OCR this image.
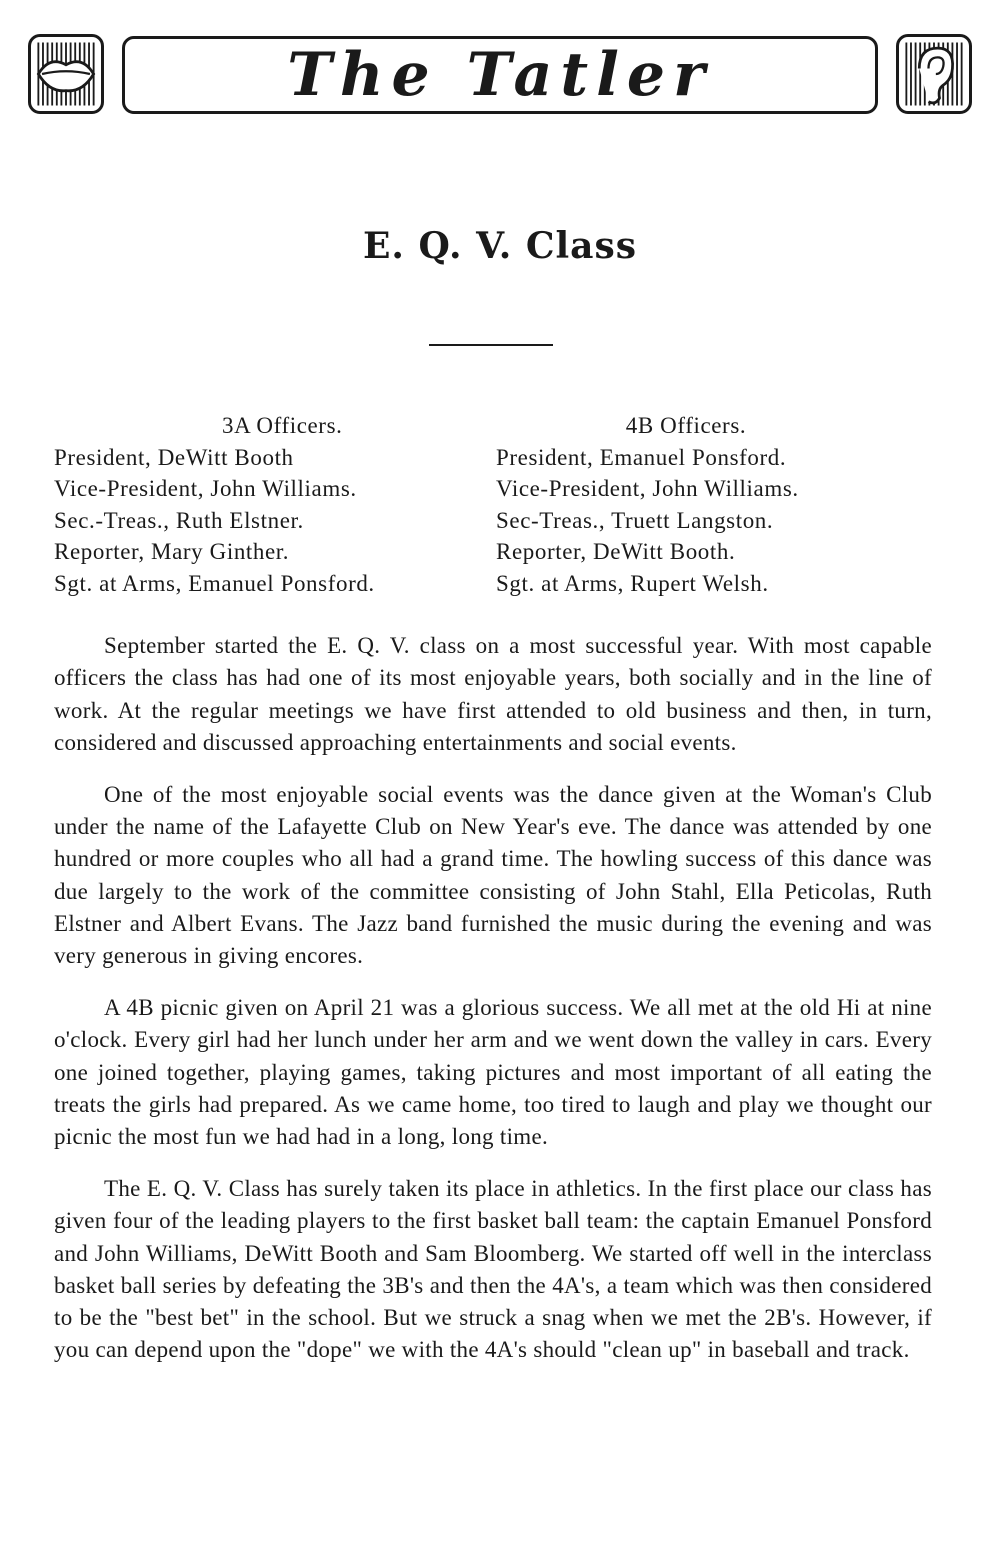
The Tatler
E. Q. V. Class
3A Officers.
President, DeWitt Booth
Vice-President, John Williams.
Sec.-Treas., Ruth Elstner.
Reporter, Mary Ginther.
Sgt. at Arms, Emanuel Ponsford.
4B Officers.
President, Emanuel Ponsford.
Vice-President, John Williams.
Sec-Treas., Truett Langston.
Reporter, DeWitt Booth.
Sgt. at Arms, Rupert Welsh.

September started the E. Q. V. class on a most successful year. With most capable officers the class has had one of its most enjoyable years, both socially and in the line of work. At the regular meetings we have first attended to old business and then, in turn, considered and discussed approaching entertainments and social events.

One of the most enjoyable social events was the dance given at the Woman's Club under the name of the Lafayette Club on New Year's eve. The dance was attended by one hundred or more couples who all had a grand time. The howling success of this dance was due largely to the work of the committee consisting of John Stahl, Ella Peticolas, Ruth Elstner and Albert Evans. The Jazz band furnished the music during the evening and was very generous in giving encores.

A 4B picnic given on April 21 was a glorious success. We all met at the old Hi at nine o'clock. Every girl had her lunch under her arm and we went down the valley in cars. Every one joined together, playing games, taking pictures and most important of all eating the treats the girls had prepared. As we came home, too tired to laugh and play we thought our picnic the most fun we had had in a long, long time.

The E. Q. V. Class has surely taken its place in athletics. In the first place our class has given four of the leading players to the first basket ball team: the captain Emanuel Ponsford and John Williams, DeWitt Booth and Sam Bloomberg. We started off well in the interclass basket ball series by defeating the 3B's and then the 4A's, a team which was then considered to be the "best bet" in the school. But we struck a snag when we met the 2B's. However, if you can depend upon the "dope" we with the 4A's should "clean up" in baseball and track.
